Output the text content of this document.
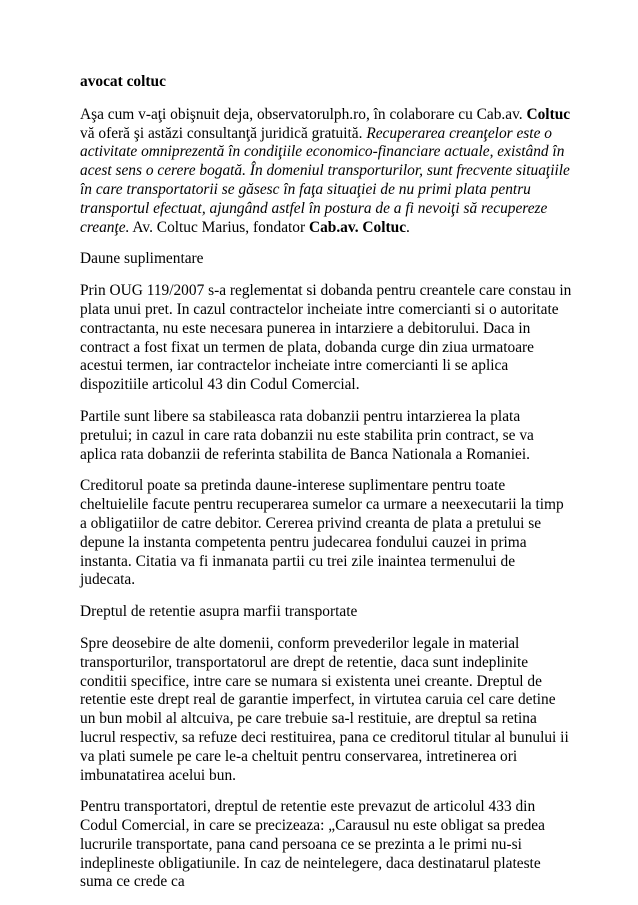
avocat coltuc

Aşa cum v-aţi obişnuit deja, observatorulph.ro, în colaborare cu Cab.av. Coltuc vă oferă şi astăzi consultanţă juridică gratuită. Recuperarea creanţelor este o activitate omniprezentă în condiţiile economico-financiare actuale, existând în acest sens o cerere bogată. În domeniul transporturilor, sunt frecvente situaţiile în care transportatorii se găsesc în faţa situaţiei de nu primi plata pentru transportul efectuat, ajungând astfel în postura de a fi nevoiţi să recupereze creanţe. Av. Coltuc Marius, fondator Cab.av. Coltuc.

Daune suplimentare

Prin OUG 119/2007 s-a reglementat si dobanda pentru creantele care constau in plata unui pret. In cazul contractelor incheiate intre comercianti si o autoritate contractanta, nu este necesara punerea in intarziere a debitorului. Daca in contract a fost fixat un termen de plata, dobanda curge din ziua urmatoare acestui termen, iar contractelor incheiate intre comercianti li se aplica dispozitiile articolul 43 din Codul Comercial.

Partile sunt libere sa stabileasca rata dobanzii pentru intarzierea la plata pretului; in cazul in care rata dobanzii nu este stabilita prin contract, se va aplica rata dobanzii de referinta stabilita de Banca Nationala a Romaniei.

Creditorul poate sa pretinda daune-interese suplimentare pentru toate cheltuielile facute pentru recuperarea sumelor ca urmare a neexecutarii la timp a obligatiilor de catre debitor. Cererea privind creanta de plata a pretului se depune la instanta competenta pentru judecarea fondului cauzei in prima instanta. Citatia va fi inmanata partii cu trei zile inaintea termenului de judecata.

Dreptul de retentie asupra marfii transportate

Spre deosebire de alte domenii, conform prevederilor legale in material transporturilor, transportatorul are drept de retentie, daca sunt indeplinite conditii specifice, intre care se numara si existenta unei creante. Dreptul de retentie este drept real de garantie imperfect, in virtutea caruia cel care detine un bun mobil al altcuiva, pe care trebuie sa-l restituie, are dreptul sa retina lucrul respectiv, sa refuze deci restituirea, pana ce creditorul titular al bunului ii va plati sumele pe care le-a cheltuit pentru conservarea, intretinerea ori imbunatatirea acelui bun.

Pentru transportatori, dreptul de retentie este prevazut de articolul 433 din Codul Comercial, in care se precizeaza: „Carausul nu este obligat sa predea lucrurile transportate, pana cand persoana ce se prezinta a le primi nu-si indeplineste obligatiunile. In caz de neintelegere, daca destinatarul plateste suma ce crede ca
